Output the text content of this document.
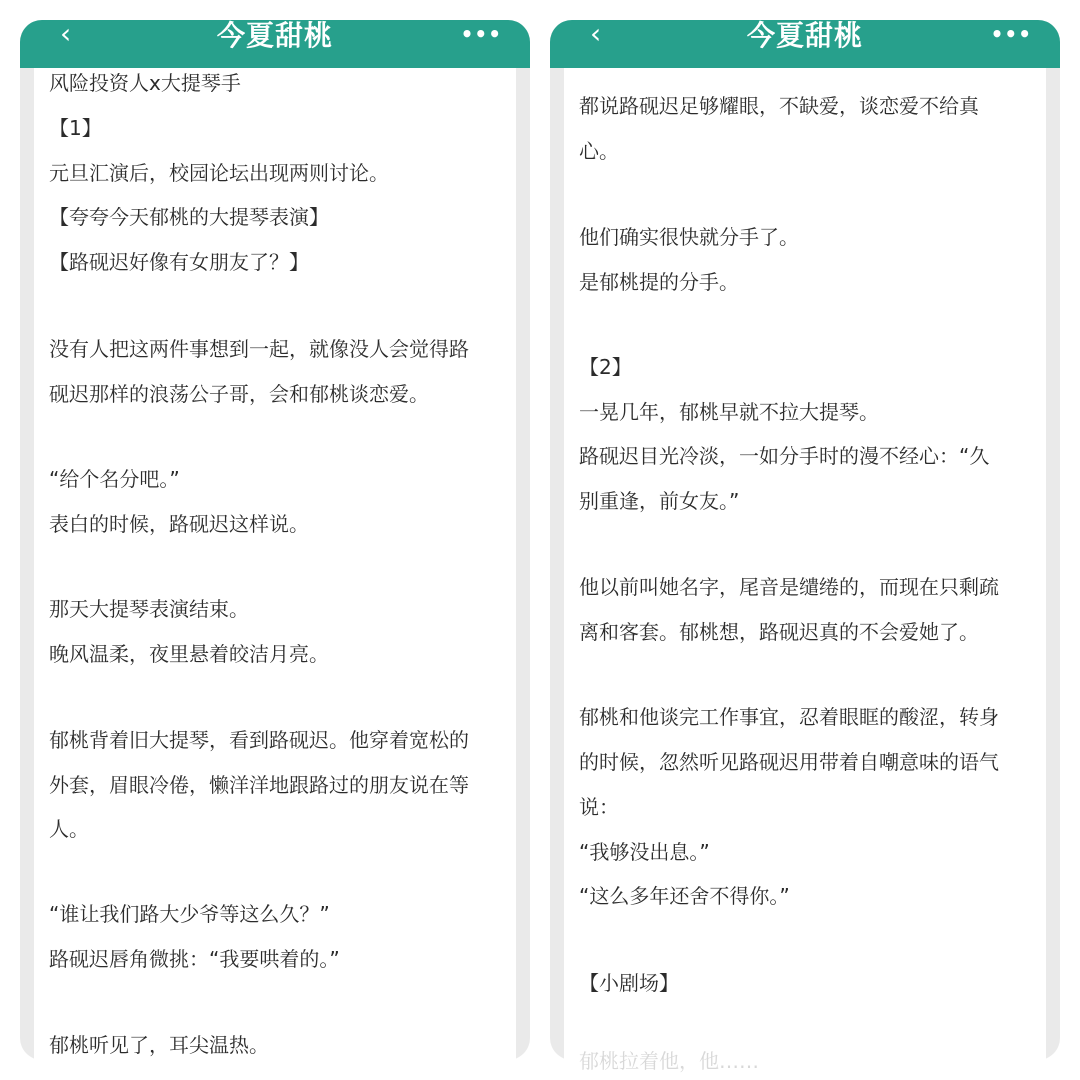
‹	今夏甜桃	•••
风险投资人x大提琴手
【1】
元旦汇演后，校园论坛出现两则讨论。
【夸夸今天郁桃的大提琴表演】
【路砚迟好像有女朋友了？】
没有人把这两件事想到一起，就像没人会觉得路
砚迟那样的浪荡公子哥，会和郁桃谈恋爱。
“给个名分吧。”
表白的时候，路砚迟这样说。
那天大提琴表演结束。
晚风温柔，夜里悬着皎洁月亮。
郁桃背着旧大提琴，看到路砚迟。他穿着宽松的
外套，眉眼冷倦，懒洋洋地跟路过的朋友说在等
人。
“谁让我们路大少爷等这么久？”
路砚迟唇角微挑：“我要哄着的。”
郁桃听见了，耳尖温热。
‹	今夏甜桃	•••
都说路砚迟足够耀眼，不缺爱，谈恋爱不给真
心。
他们确实很快就分手了。
是郁桃提的分手。
【2】
一晃几年，郁桃早就不拉大提琴。
路砚迟目光冷淡，一如分手时的漫不经心：“久
别重逢，前女友。”
他以前叫她名字，尾音是缱绻的，而现在只剩疏
离和客套。郁桃想，路砚迟真的不会爱她了。
郁桃和他谈完工作事宜，忍着眼眶的酸涩，转身
的时候，忽然听见路砚迟用带着自嘲意味的语气
说：
“我够没出息。”
“这么多年还舍不得你。”
【小剧场】
郁桃拉着他，他……
